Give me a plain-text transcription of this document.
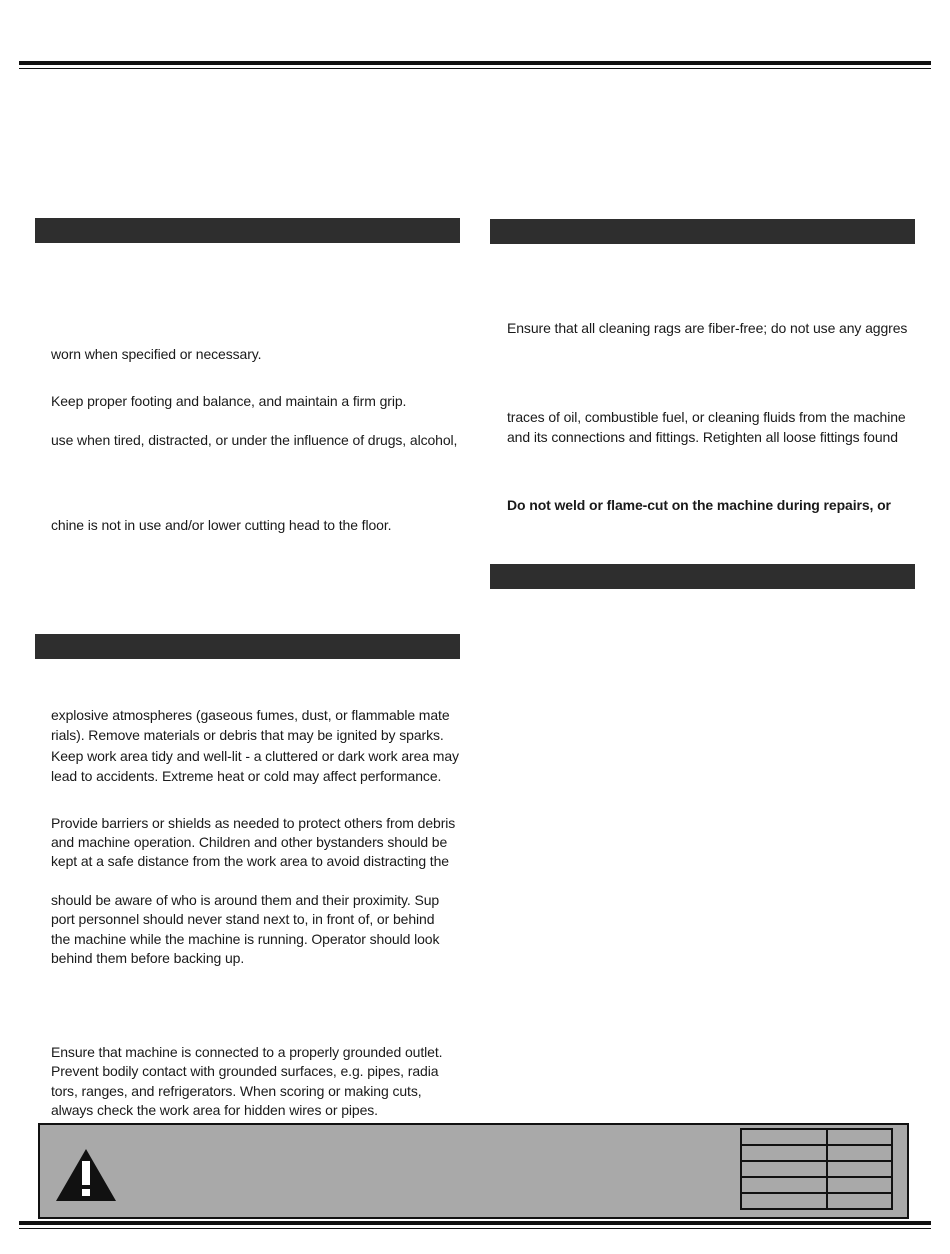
worn when specified or necessary.
Keep proper footing and balance, and maintain a firm grip.
use when tired, distracted, or under the influence of drugs, alcohol,
chine is not in use and/or lower cutting head to the floor.
explosive atmospheres (gaseous fumes, dust, or flammable mate
rials). Remove materials or debris that may be ignited by sparks.
Keep work area tidy and well-lit - a cluttered or dark work area may
lead to accidents. Extreme heat or cold may affect performance.
Provide barriers or shields as needed to protect others from debris
and machine operation. Children and other bystanders should be
kept at a safe distance from the work area to avoid distracting the
should be aware of who is around them and their proximity. Sup
port personnel should never stand next to, in front of, or behind
the machine while the machine is running. Operator should look
behind them before backing up.
Ensure that machine is connected to a properly grounded outlet.
Prevent bodily contact with grounded surfaces, e.g. pipes, radia
tors, ranges, and refrigerators. When scoring or making cuts,
always check the work area for hidden wires or pipes.
Ensure that all cleaning rags are fiber-free; do not use any aggres
traces of oil, combustible fuel, or cleaning fluids from the machine
and its connections and fittings. Retighten all loose fittings found
Do not weld or flame-cut on the machine during repairs, or
